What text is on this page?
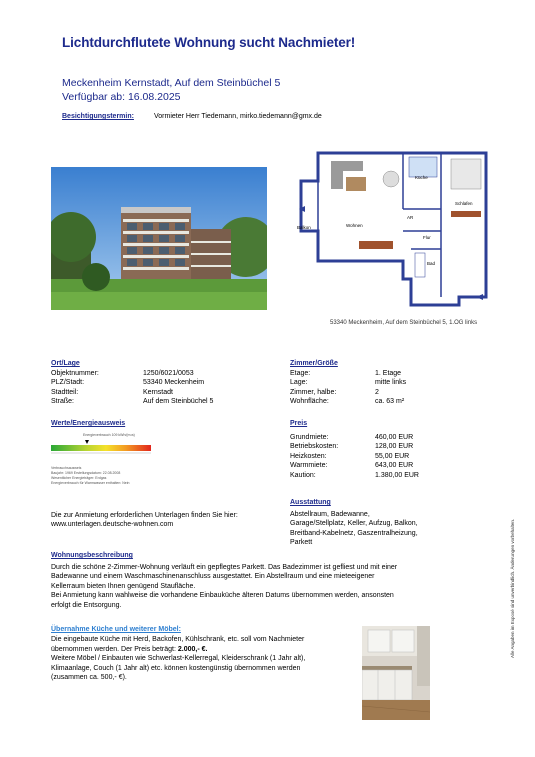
Lichtdurchflutete Wohnung sucht Nachmieter!
Meckenheim Kernstadt, Auf dem Steinbüchel 5
Verfügbar ab: 16.08.2025
Besichtigungstermin:	Vormieter Herr Tiedemann, mirko.tiedemann@gmx.de
Balkon	Wohnen
Küche
Schlafen
AR
Flur
Bad
53340 Meckenheim, Auf dem Steinbüchel 5, 1.OG links
Ort/Lage
Objektnummer:	1250/6021/0053
PLZ/Stadt:	53340 Meckenheim
Stadtteil:	Kernstadt
Straße:	Auf dem Steinbüchel 5
Zimmer/Größe
Etage:	1. Etage
Lage:	mitte links
Zimmer, halbe:	2
Wohnfläche:	ca. 63 m²
Werte/Energieausweis
Energieverbrauch 109 kWh/(m²a)
Verbrauchsausweis
Baujahr: 1969 Erstellungsdatum: 22.08.2008
Wesentlicher Energieträger: Erdgas
Energieverbrauch für Warmwasser enthalten: Nein
Preis
Grundmiete:	460,00 EUR
Betriebskosten:	128,00 EUR
Heizkosten:	55,00 EUR
Warmmiete:	643,00 EUR
Kaution:	1.380,00 EUR
Ausstattung
Abstellraum, Badewanne,
Garage/Stellplatz, Keller, Aufzug, Balkon,
Breitband-Kabelnetz, Gaszentralheizung,
Parkett
Die zur Anmietung erforderlichen Unterlagen finden Sie hier:
www.unterlagen.deutsche-wohnen.com
Wohnungsbeschreibung
Durch die schöne 2-Zimmer-Wohnung verläuft ein gepflegtes Parkett. Das Badezimmer ist gefliest und mit einer
Badewanne und einem Waschmaschinenanschluss ausgestattet. Ein Abstellraum und eine mieteeigener
Kellerraum bieten Ihnen genügend Staufläche.
Bei Anmietung kann wahlweise die vorhandene Einbauküche älteren Datums übernommen werden, ansonsten
erfolgt die Entsorgung.
Übernahme Küche und weiterer Möbel:
Die eingebaute Küche mit Herd, Backofen, Kühlschrank, etc. soll vom Nachmieter
übernommen werden. Der Preis beträgt: 2.000,- €.
Weitere Möbel / Einbauten wie Schwerlast-Kellerregal, Kleiderschrank (1 Jahr alt),
Klimaanlage, Couch (1 Jahr alt) etc. können kostengünstig übernommen werden
(zusammen ca. 500,- €).
Alle Angaben im Exposé sind unverbindlich. Änderungen vorbehalten.
